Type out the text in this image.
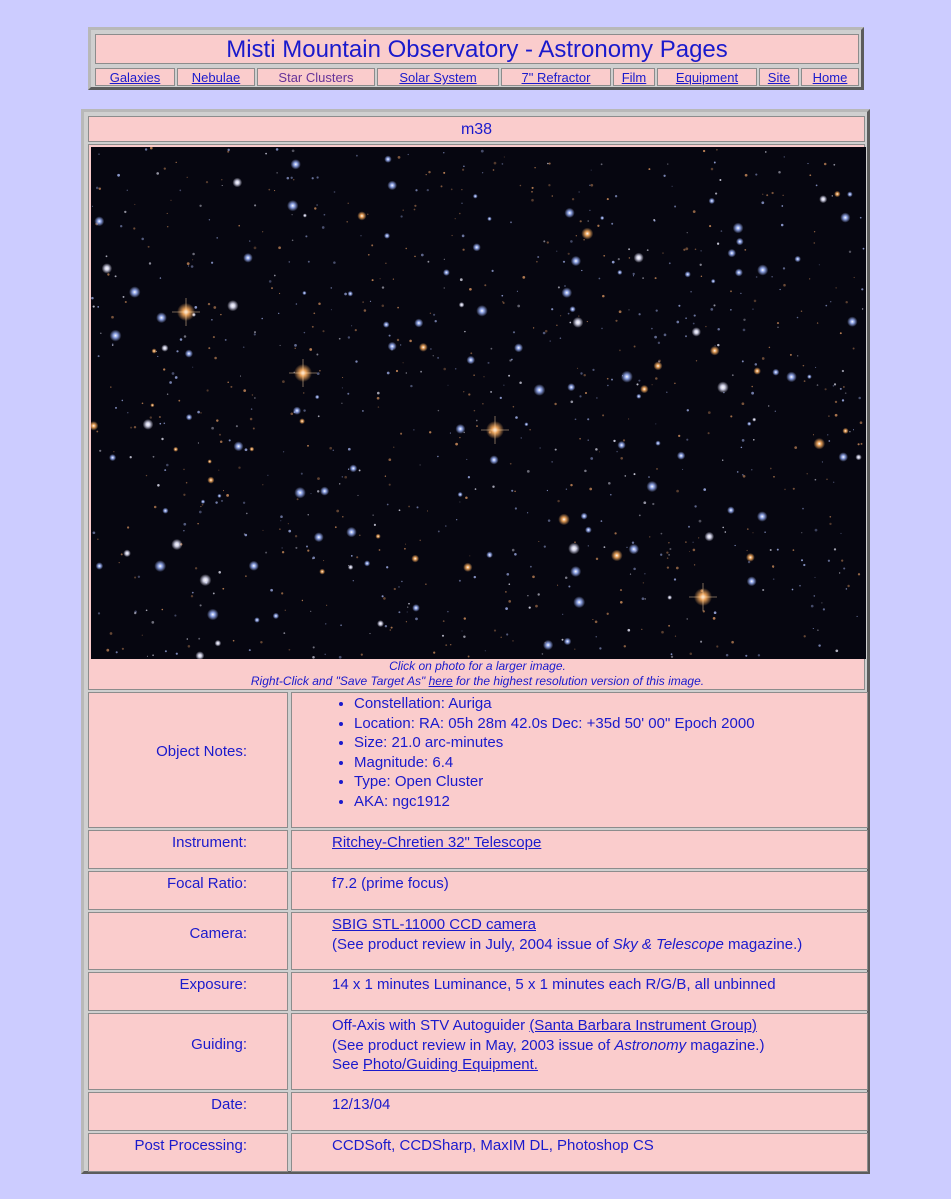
Misti Mountain Observatory - Astronomy Pages
Galaxies	Nebulae	Star Clusters	Solar System	7" Refractor	Film	Equipment	Site	Home
m38
Click on photo for a larger image.
Right-Click and "Save Target As" here for the highest resolution version of this image.
Object Notes:
• Constellation: Auriga
• Location: RA: 05h 28m 42.0s Dec: +35d 50' 00" Epoch 2000
• Size: 21.0 arc-minutes
• Magnitude: 6.4
• Type: Open Cluster
• AKA: ngc1912
Instrument:	Ritchey-Chretien 32" Telescope
Focal Ratio:	f7.2 (prime focus)
Camera:
SBIG STL-11000 CCD camera
(See product review in July, 2004 issue of Sky & Telescope magazine.)
Exposure:	14 x 1 minutes Luminance, 5 x 1 minutes each R/G/B, all unbinned
Guiding:
Off-Axis with STV Autoguider (Santa Barbara Instrument Group)
(See product review in May, 2003 issue of Astronomy magazine.)
See Photo/Guiding Equipment.
Date:	12/13/04
Post Processing:	CCDSoft, CCDSharp, MaxIM DL, Photoshop CS
